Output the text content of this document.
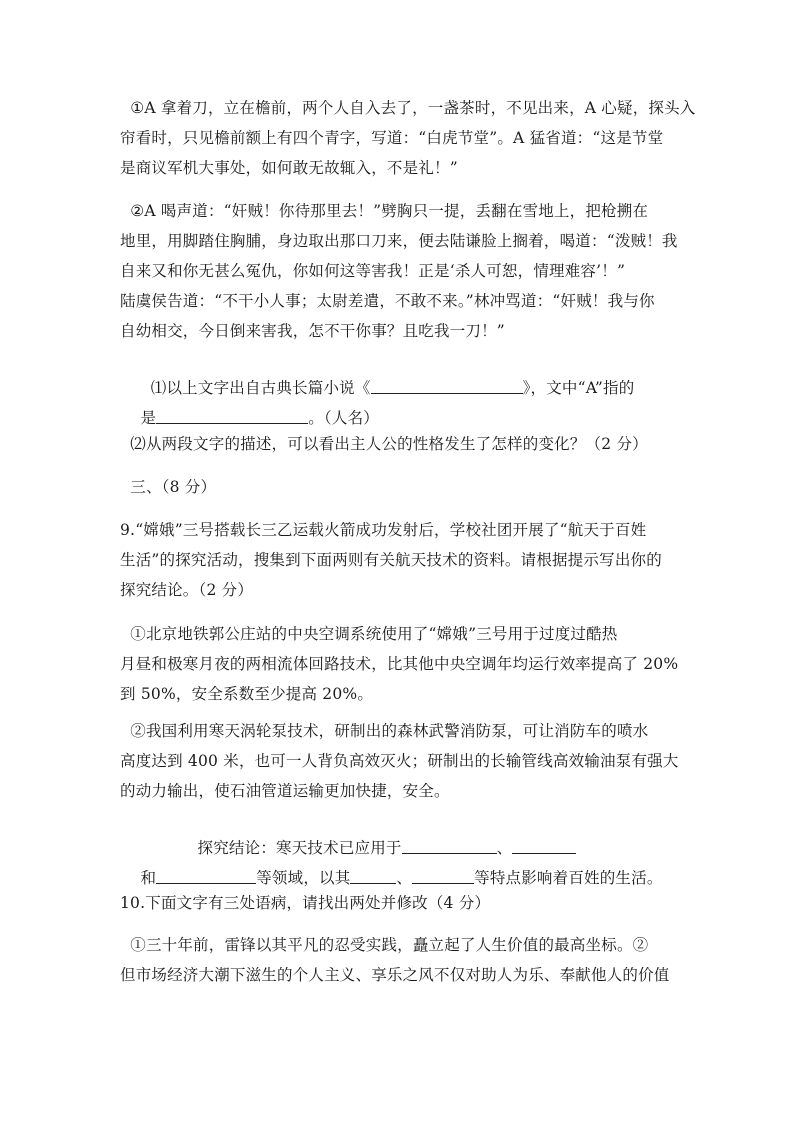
①A 拿着刀，立在檐前，两个人自入去了，一盏茶时，不见出来，A 心疑，探头入
帘看时，只见檐前额上有四个青字，写道：“白虎节堂”。A 猛省道：“这是节堂
是商议军机大事处，如何敢无故辄入，不是礼！”
②A 喝声道：“奸贼！你待那里去！”劈胸只一提，丢翻在雪地上，把枪搠在
地里，用脚踏住胸脯，身边取出那口刀来，便去陆谦脸上搁着，喝道：“泼贼！我
自来又和你无甚么冤仇，你如何这等害我！正是‘杀人可恕，情理难容’！”
陆虞侯告道：“不干小人事；太尉差遣，不敢不来。”林冲骂道：“奸贼！我与你
自幼相交，今日倒来害我，怎不干你事？且吃我一刀！”

⑴以上文字出自古典长篇小说《	》，文中“A”指的

是	。（人名）

⑵从两段文字的描述，可以看出主人公的性格发生了怎样的变化？（2 分）
三、（8 分）
9.“嫦娥”三号搭载长三乙运载火箭成功发射后，学校社团开展了“航天于百姓
生活”的探究活动，搜集到下面两则有关航天技术的资料。请根据提示写出你的
探究结论。（2 分）
①北京地铁郭公庄站的中央空调系统使用了“嫦娥”三号用于过度过酷热
月昼和极寒月夜的两相流体回路技术，比其他中央空调年均运行效率提高了 20%
到 50%，安全系数至少提高 20%。
②我国利用寒天涡轮泵技术，研制出的森林武警消防泵，可让消防车的喷水
高度达到 400 米，也可一人背负高效灭火；研制出的长输管线高效输油泵有强大
的动力输出，使石油管道运输更加快捷，安全。

探究结论：寒天技术已应用于	、

和	等领域，以其	、	等特点影响着百姓的生活。

10.下面文字有三处语病，请找出两处并修改（4 分）
①三十年前，雷锋以其平凡的忍受实践，矗立起了人生价值的最高坐标。②
但市场经济大潮下滋生的个人主义、享乐之风不仅对助人为乐、奉献他人的价值
